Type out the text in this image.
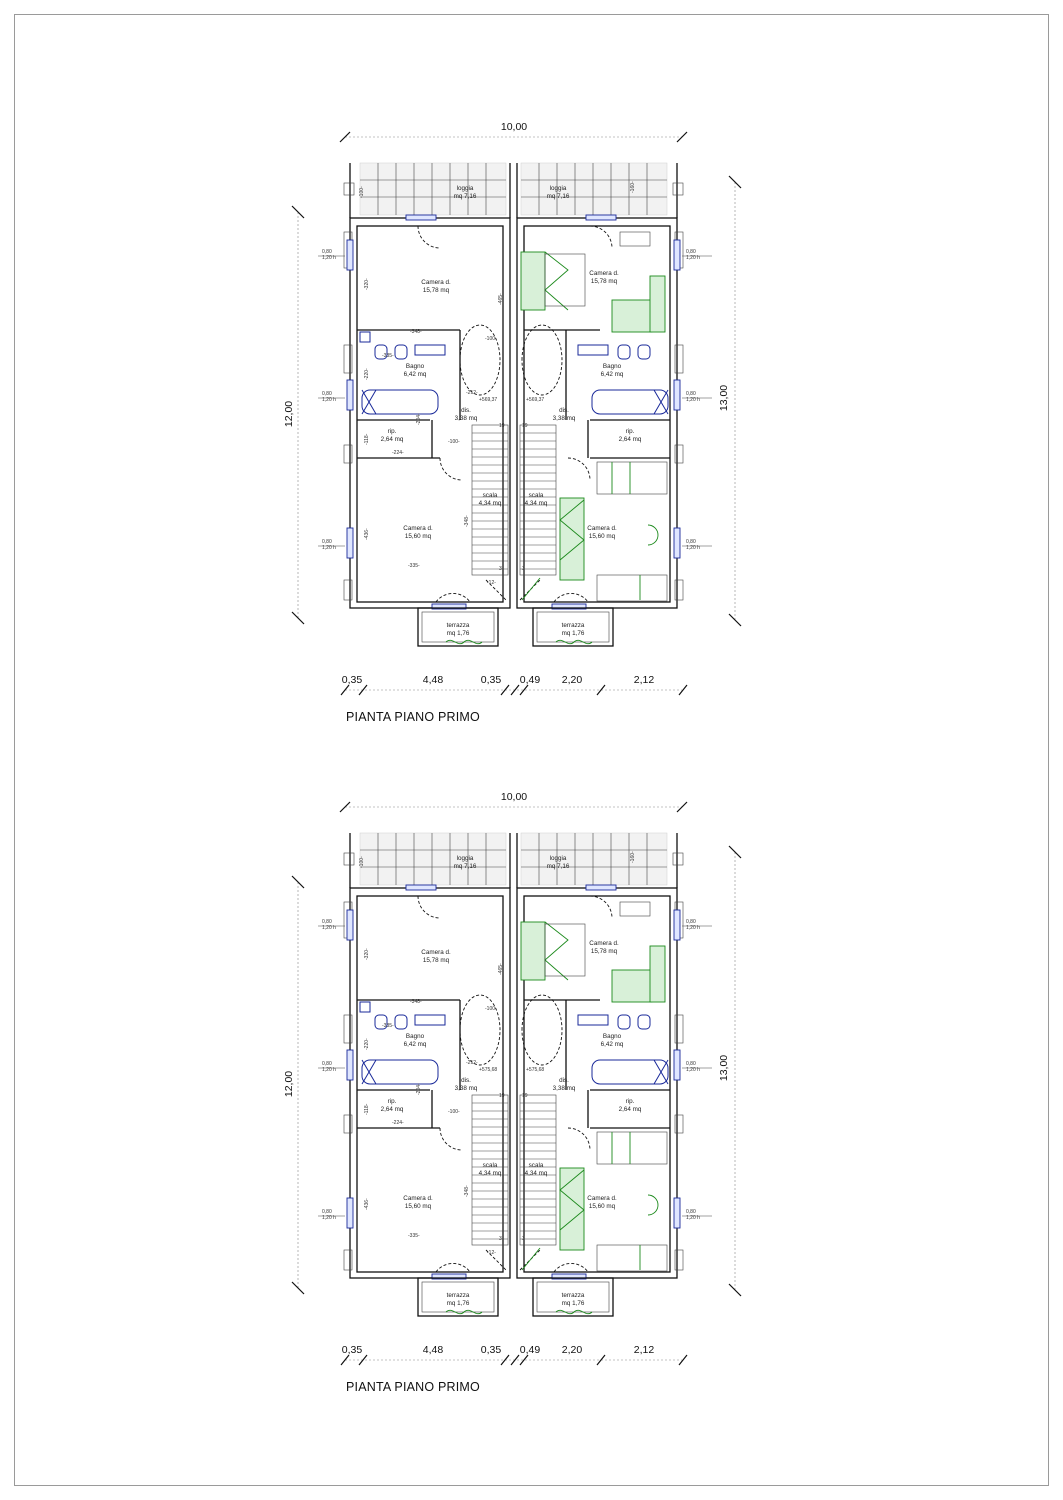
10,00
12,00
13,00
0,80
1,20 h
0,80
1,20 h
0,80
1,20 h
0,80
1,20 h
0,80
1,20 h
0,80
1,20 h
19
3
19
3
loggia
mq 7,16
Camera d.
15,78 mq
Bagno
6,42 mq
dis.
3,38 mq
rip.
2,64 mq
scala
4,34 mq
Camera d.
15,60 mq
terrazza
mq 1,76
+569,37
loggia
mq 7,16
Camera d.
15,78 mq
Bagno
6,42 mq
dis.
3,38 mq
rip.
2,64 mq
scala
4,34 mq
Camera d.
15,60 mq
terrazza
mq 1,76
+569,37
-100-	-160-
-320-
-465-
-348-
-100-
-335-
-220-
-212-
-118-	-100-
-224-
-204-
-436-
-348-
-335-
-12-
0,35	4,48	0,35 0,49 2,20	2,12
PIANTA PIANO PRIMO
10,00
12,00
13,00
0,80
1,20 h
0,80
1,20 h
0,80
1,20 h
0,80
1,20 h
0,80
1,20 h
0,80
1,20 h
19
3
19
3
loggia
mq 7,16
Camera d.
15,78 mq
Bagno
6,42 mq
dis.
3,38 mq
rip.
2,64 mq
scala
4,34 mq
Camera d.
15,60 mq
terrazza
mq 1,76
+575,68
loggia
mq 7,16
Camera d.
15,78 mq
Bagno
6,42 mq
dis.
3,38 mq
rip.
2,64 mq
scala
4,34 mq
Camera d.
15,60 mq
terrazza
mq 1,76
+575,68
-100-	-160-
-320-
-465-
-348-
-100-
-335-
-220-
-212-
-118-	-100-
-224-
-204-
-436-
-348-
-335-
-12-
0,35	4,48	0,35 0,49 2,20	2,12
PIANTA PIANO PRIMO
